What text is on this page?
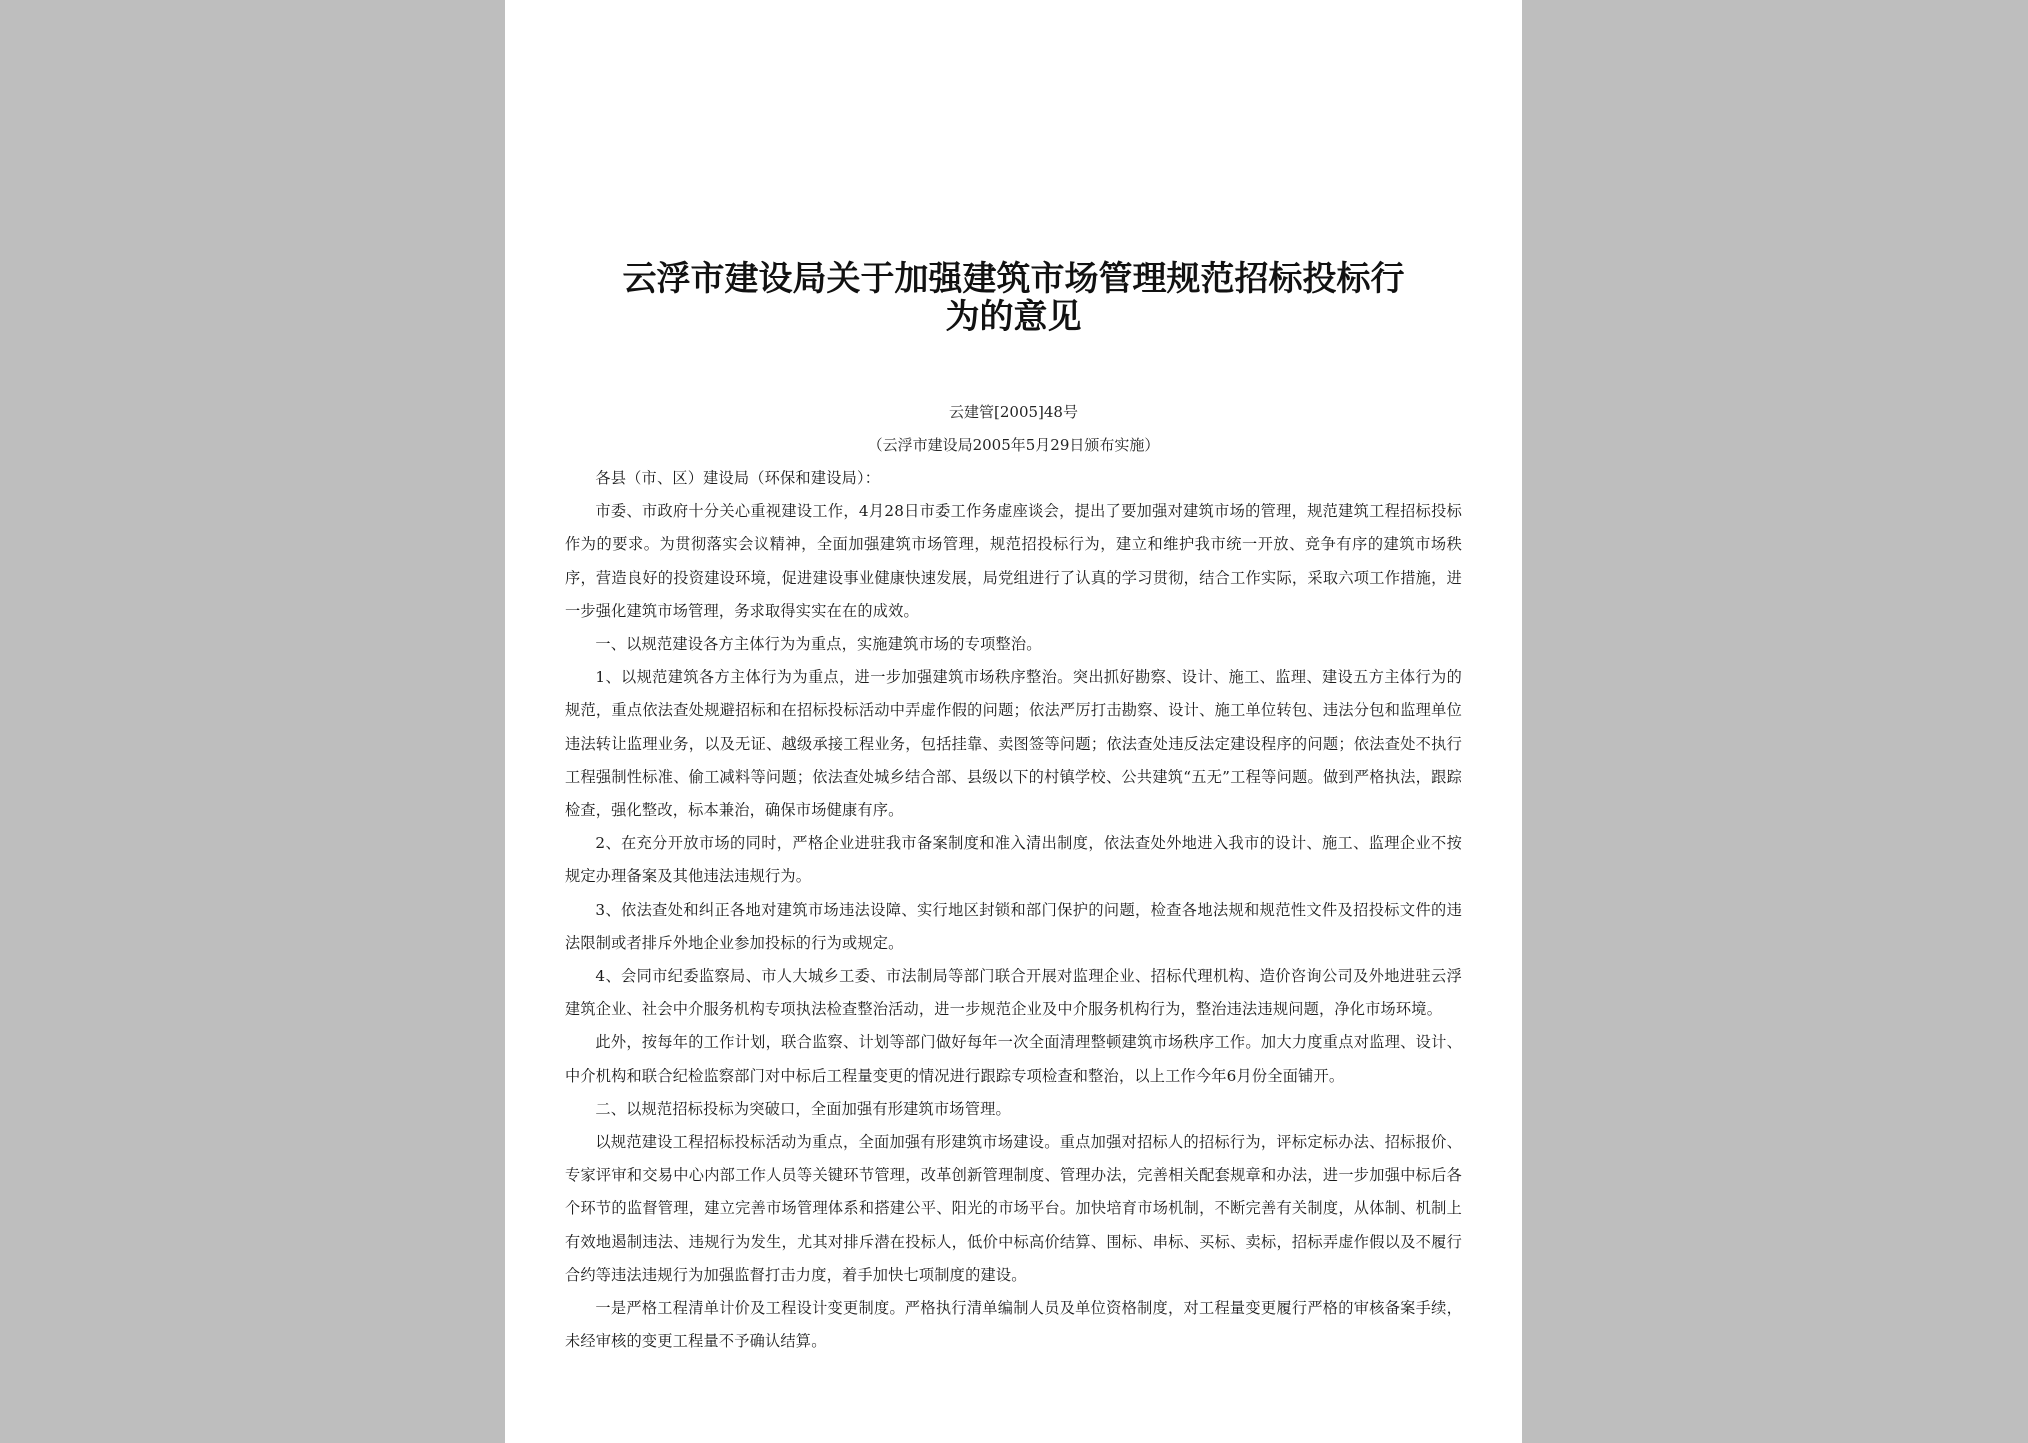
云浮市建设局关于加强建筑市场管理规范招标投标行为的意见

云建管[2005]48号

（云浮市建设局2005年5月29日颁布实施）

各县（市、区）建设局（环保和建设局）：

市委、市政府十分关心重视建设工作，4月28日市委工作务虚座谈会，提出了要加强对建筑市场的管理，规范建筑工程招标投标作为的要求。为贯彻落实会议精神，全面加强建筑市场管理，规范招投标行为，建立和维护我市统一开放、竞争有序的建筑市场秩序，营造良好的投资建设环境，促进建设事业健康快速发展，局党组进行了认真的学习贯彻，结合工作实际，采取六项工作措施，进一步强化建筑市场管理，务求取得实实在在的成效。

一、以规范建设各方主体行为为重点，实施建筑市场的专项整治。

1、以规范建筑各方主体行为为重点，进一步加强建筑市场秩序整治。突出抓好勘察、设计、施工、监理、建设五方主体行为的规范，重点依法查处规避招标和在招标投标活动中弄虚作假的问题；依法严厉打击勘察、设计、施工单位转包、违法分包和监理单位违法转让监理业务，以及无证、越级承接工程业务，包括挂靠、卖图签等问题；依法查处违反法定建设程序的问题；依法查处不执行工程强制性标准、偷工减料等问题；依法查处城乡结合部、县级以下的村镇学校、公共建筑“五无”工程等问题。做到严格执法，跟踪检查，强化整改，标本兼治，确保市场健康有序。

2、在充分开放市场的同时，严格企业进驻我市备案制度和准入清出制度，依法查处外地进入我市的设计、施工、监理企业不按规定办理备案及其他违法违规行为。

3、依法查处和纠正各地对建筑市场违法设障、实行地区封锁和部门保护的问题，检查各地法规和规范性文件及招投标文件的违法限制或者排斥外地企业参加投标的行为或规定。

4、会同市纪委监察局、市人大城乡工委、市法制局等部门联合开展对监理企业、招标代理机构、造价咨询公司及外地进驻云浮建筑企业、社会中介服务机构专项执法检查整治活动，进一步规范企业及中介服务机构行为，整治违法违规问题，净化市场环境。

此外，按每年的工作计划，联合监察、计划等部门做好每年一次全面清理整顿建筑市场秩序工作。加大力度重点对监理、设计、中介机构和联合纪检监察部门对中标后工程量变更的情况进行跟踪专项检查和整治，以上工作今年6月份全面铺开。

二、以规范招标投标为突破口，全面加强有形建筑市场管理。

以规范建设工程招标投标活动为重点，全面加强有形建筑市场建设。重点加强对招标人的招标行为，评标定标办法、招标报价、专家评审和交易中心内部工作人员等关键环节管理，改革创新管理制度、管理办法，完善相关配套规章和办法，进一步加强中标后各个环节的监督管理，建立完善市场管理体系和搭建公平、阳光的市场平台。加快培育市场机制，不断完善有关制度，从体制、机制上有效地遏制违法、违规行为发生，尤其对排斥潜在投标人，低价中标高价结算、围标、串标、买标、卖标，招标弄虚作假以及不履行合约等违法违规行为加强监督打击力度，着手加快七项制度的建设。

一是严格工程清单计价及工程设计变更制度。严格执行清单编制人员及单位资格制度，对工程量变更履行严格的审核备案手续，未经审核的变更工程量不予确认结算。
